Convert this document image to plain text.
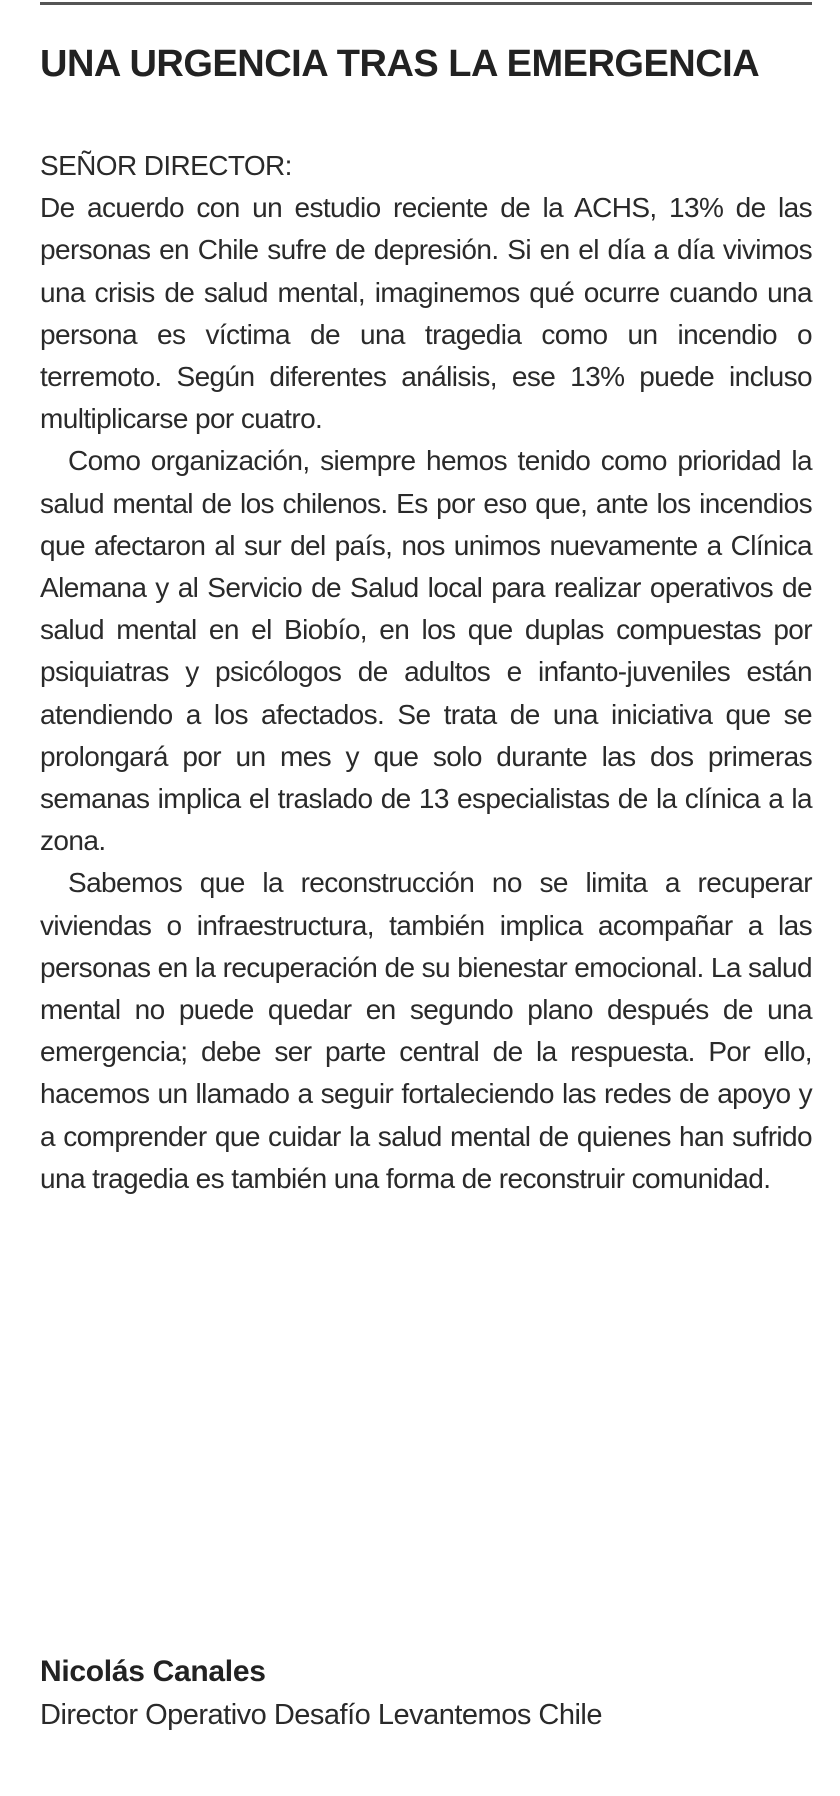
UNA URGENCIA TRAS LA EMERGENCIA

SEÑOR DIRECTOR:

De acuerdo con un estudio reciente de la ACHS, 13% de las personas en Chile sufre de depresión. Si en el día a día vivimos una crisis de salud mental, imaginemos qué ocurre cuando una persona es víctima de una tragedia como un incendio o terremoto. Según diferentes análisis, ese 13% puede incluso multiplicarse por cuatro.

Como organización, siempre hemos tenido como prioridad la salud mental de los chilenos. Es por eso que, ante los incendios que afectaron al sur del país, nos unimos nuevamente a Clínica Alemana y al Servicio de Salud local para realizar operativos de salud mental en el Biobío, en los que duplas compuestas por psiquiatras y psicólogos de adultos e infanto-juveniles están atendiendo a los afectados. Se trata de una iniciativa que se prolongará por un mes y que solo durante las dos primeras semanas implica el traslado de 13 especialistas de la clínica a la zona.

Sabemos que la reconstrucción no se limita a recuperar viviendas o infraestructura, también implica acompañar a las personas en la recuperación de su bienestar emocional. La salud mental no puede quedar en segundo plano después de una emergencia; debe ser parte central de la respuesta. Por ello, hacemos un llamado a seguir fortaleciendo las redes de apoyo y a comprender que cuidar la salud mental de quienes han sufrido una tragedia es también una forma de reconstruir comunidad.

Nicolás Canales
Director Operativo Desafío Levantemos Chile
